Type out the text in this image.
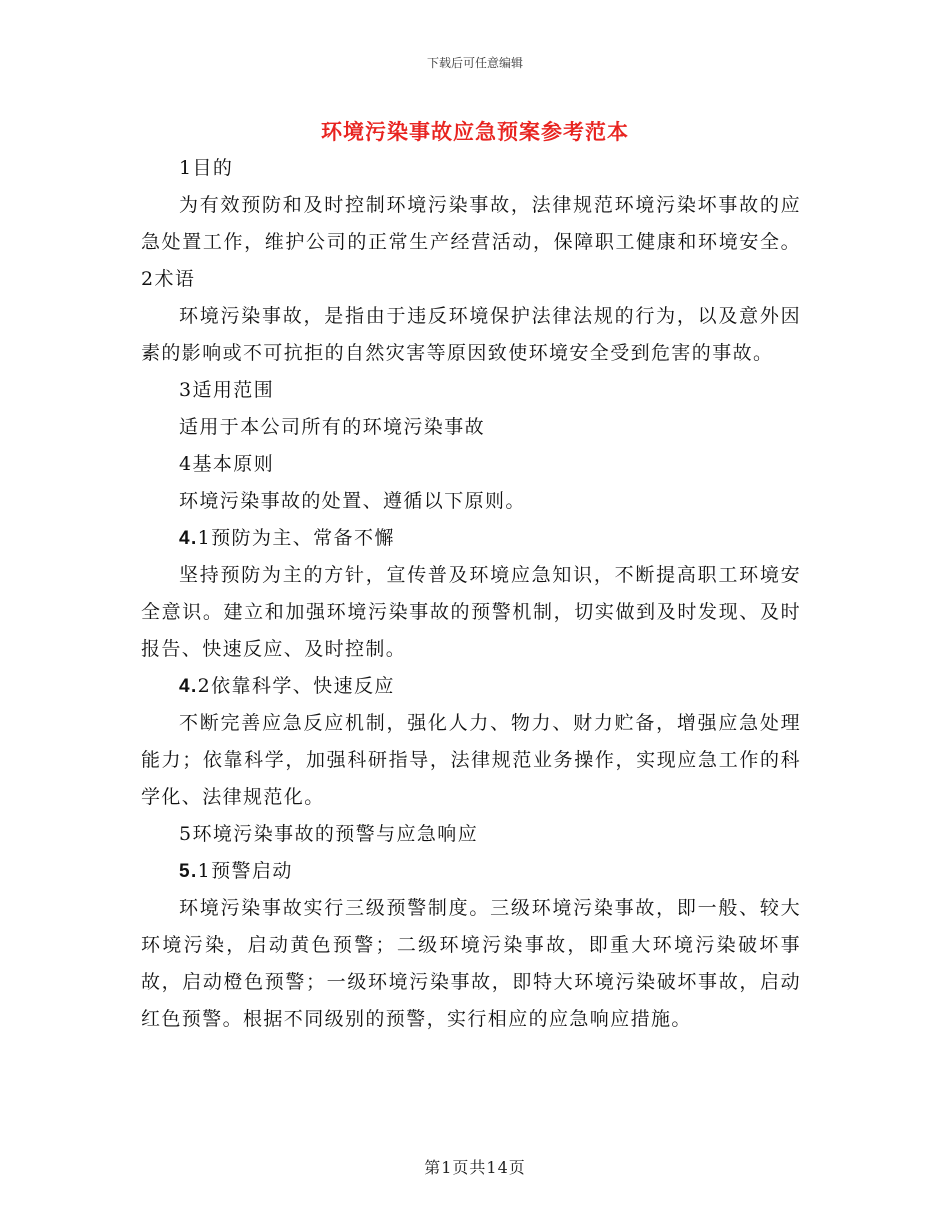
下载后可任意编辑
环境污染事故应急预案参考范本

1目的

为有效预防和及时控制环境污染事故，法律规范环境污染坏事故的应急处置工作，维护公司的正常生产经营活动，保障职工健康和环境安全。2术语

环境污染事故，是指由于违反环境保护法律法规的行为，以及意外因素的影响或不可抗拒的自然灾害等原因致使环境安全受到危害的事故。

3适用范围

适用于本公司所有的环境污染事故

4基本原则

环境污染事故的处置、遵循以下原则。

4.1预防为主、常备不懈

坚持预防为主的方针，宣传普及环境应急知识，不断提高职工环境安全意识。建立和加强环境污染事故的预警机制，切实做到及时发现、及时报告、快速反应、及时控制。

4.2依靠科学、快速反应

不断完善应急反应机制，强化人力、物力、财力贮备，增强应急处理能力；依靠科学，加强科研指导，法律规范业务操作，实现应急工作的科学化、法律规范化。

5环境污染事故的预警与应急响应

5.1预警启动

环境污染事故实行三级预警制度。三级环境污染事故，即一般、较大环境污染，启动黄色预警；二级环境污染事故，即重大环境污染破坏事故，启动橙色预警；一级环境污染事故，即特大环境污染破坏事故，启动红色预警。根据不同级别的预警，实行相应的应急响应措施。

第1页共14页
